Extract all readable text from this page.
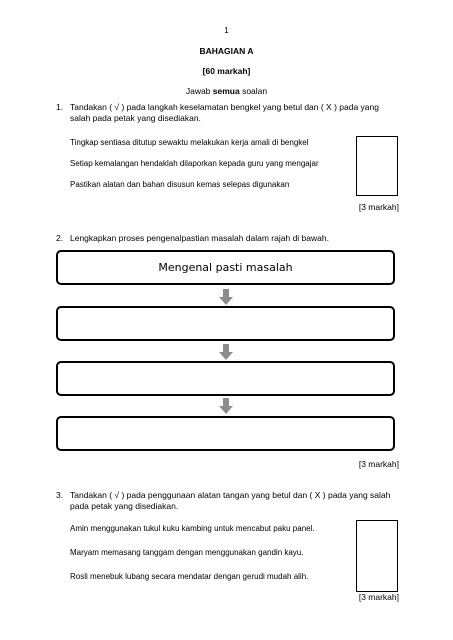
1
BAHAGIAN A
[60 markah]
Jawab semua soalan
1. Tandakan ( √ ) pada langkah keselamatan bengkel yang betul dan ( X ) pada yang
salah pada petak yang disediakan.
Tingkap sentiasa ditutup sewaktu melakukan kerja amali di bengkel
Setiap kemalangan hendaklah dilaporkan kepada guru yang mengajar
Pastikan alatan dan bahan disusun kemas selepas digunakan
[3 markah]
2. Lengkapkan proses pengenalpastian masalah dalam rajah di bawah.
Mengenal pasti masalah
[3 markah]
3. Tandakan ( √ ) pada penggunaan alatan tangan yang betul dan ( X ) pada yang salah
pada petak yang disediakan.
Amin menggunakan tukul kuku kambing untuk mencabut paku panel.
Maryam memasang tanggam dengan menggunakan gandin kayu.
Rosli menebuk lubang secara mendatar dengan gerudi mudah alih.
[3 markah]
